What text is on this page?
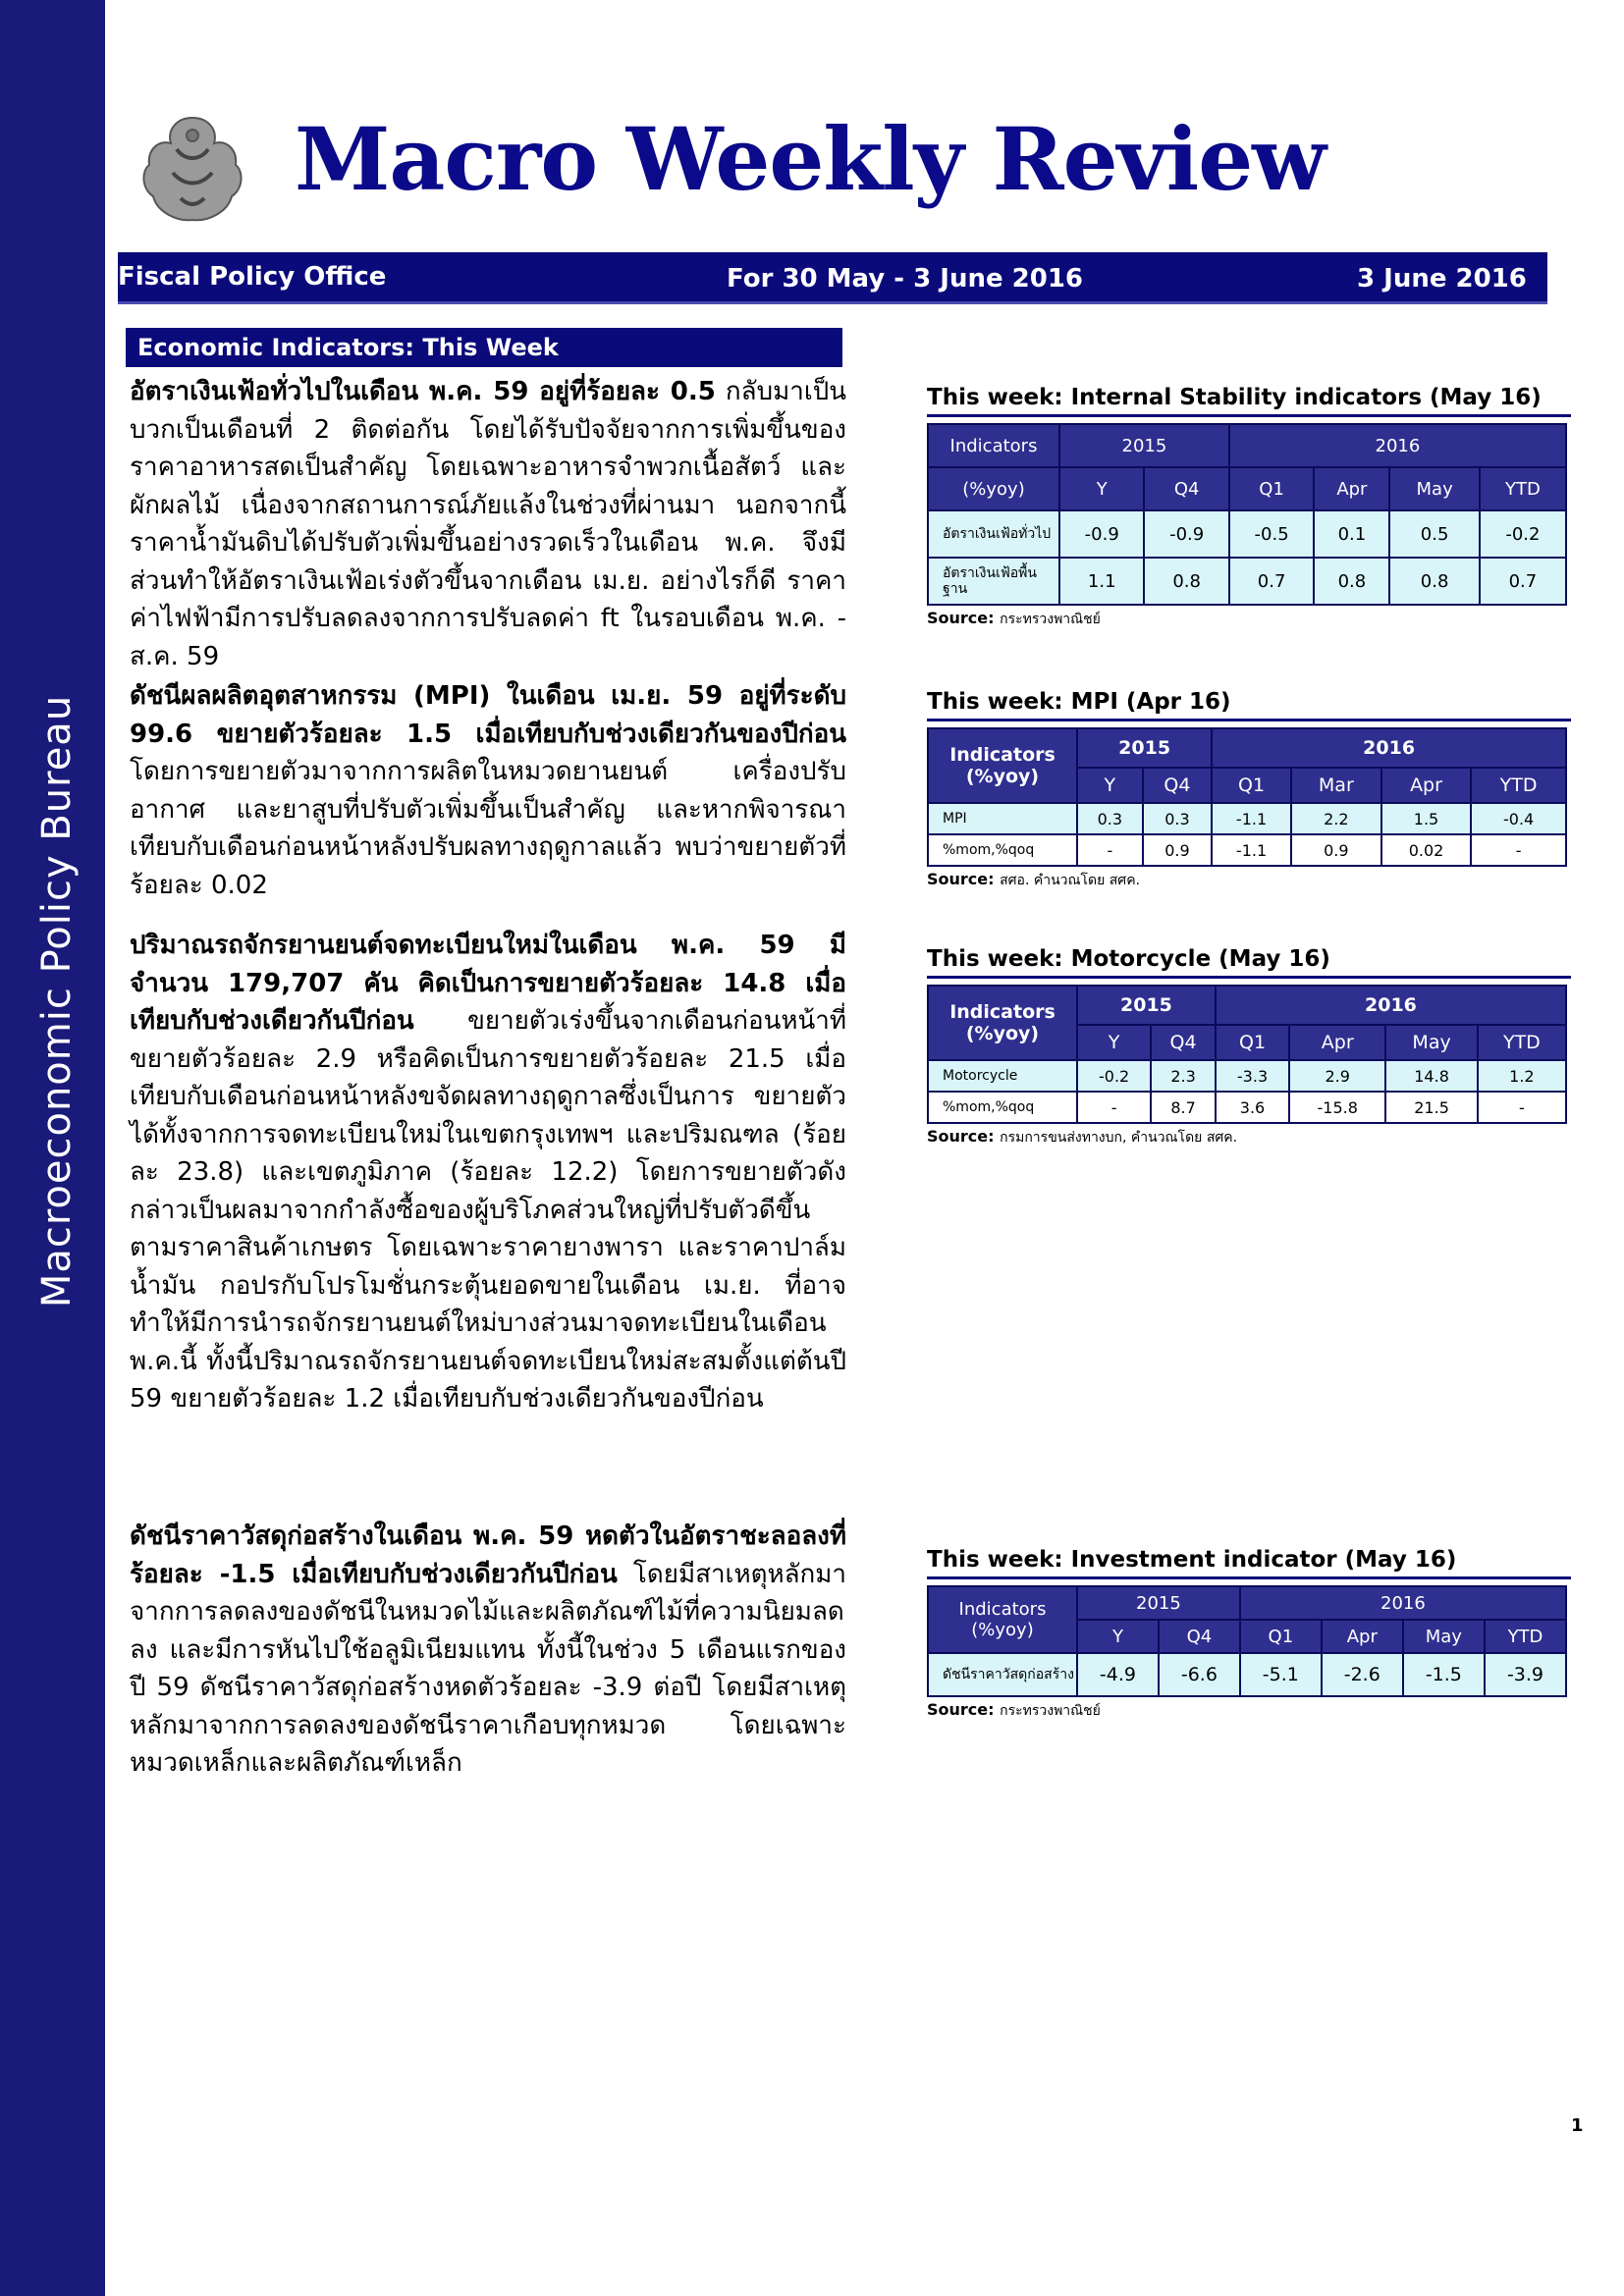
Macroeconomic Policy Bureau
Macro Weekly Review
Fiscal Policy Office	For 30 May - 3 June 2016	3 June 2016
Economic Indicators: This Week

อัตราเงินเฟ้อทั่วไปในเดือน พ.ค. 59 อยู่ที่ร้อยละ 0.5 กลับมาเป็นบวกเป็นเดือนที่ 2 ติดต่อกัน โดยได้รับปัจจัยจากการเพิ่มขึ้นของราคาอาหารสดเป็นสำคัญ โดยเฉพาะอาหารจำพวกเนื้อสัตว์ และผักผลไม้ เนื่องจากสถานการณ์ภัยแล้งในช่วงที่ผ่านมา นอกจากนี้ ราคาน้ำมันดิบได้ปรับตัวเพิ่มขึ้นอย่างรวดเร็วในเดือน พ.ค. จึงมีส่วนทำให้อัตราเงินเฟ้อเร่งตัวขึ้นจากเดือน เม.ย. อย่างไรก็ดี ราคาค่าไฟฟ้ามีการปรับลดลงจากการปรับลดค่า ft ในรอบเดือน พ.ค. - ส.ค. 59

ดัชนีผลผลิตอุตสาหกรรม (MPI) ในเดือน เม.ย. 59 อยู่ที่ระดับ 99.6 ขยายตัวร้อยละ 1.5 เมื่อเทียบกับช่วงเดียวกันของปีก่อน โดยการขยายตัวมาจากการผลิตในหมวดยานยนต์ เครื่องปรับอากาศ และยาสูบที่ปรับตัวเพิ่มขึ้นเป็นสำคัญ และหากพิจารณาเทียบกับเดือนก่อนหน้าหลังปรับผลทางฤดูกาลแล้ว พบว่าขยายตัวที่ร้อยละ 0.02

ปริมาณรถจักรยานยนต์จดทะเบียนใหม่ในเดือน พ.ค. 59 มีจำนวน 179,707 คัน คิดเป็นการขยายตัวร้อยละ 14.8 เมื่อเทียบกับช่วงเดียวกันปีก่อน ขยายตัวเร่งขึ้นจากเดือนก่อนหน้าที่ขยายตัวร้อยละ 2.9 หรือคิดเป็นการขยายตัวร้อยละ 21.5 เมื่อเทียบกับเดือนก่อนหน้าหลังขจัดผลทางฤดูกาลซึ่งเป็นการ ขยายตัวได้ทั้งจากการจดทะเบียนใหม่ในเขตกรุงเทพฯ และปริมณฑล (ร้อยละ 23.8) และเขตภูมิภาค (ร้อยละ 12.2) โดยการขยายตัวดังกล่าวเป็นผลมาจากกำลังซื้อของผู้บริโภคส่วนใหญ่ที่ปรับตัวดีขึ้นตามราคาสินค้าเกษตร โดยเฉพาะราคายางพารา และราคาปาล์มน้ำมัน กอปรกับโปรโมชั่นกระตุ้นยอดขายในเดือน เม.ย. ที่อาจทำให้มีการนำรถจักรยานยนต์ใหม่บางส่วนมาจดทะเบียนในเดือน พ.ค.นี้ ทั้งนี้ปริมาณรถจักรยานยนต์จดทะเบียนใหม่สะสมตั้งแต่ต้นปี 59 ขยายตัวร้อยละ 1.2 เมื่อเทียบกับช่วงเดียวกันของปีก่อน

ดัชนีราคาวัสดุก่อสร้างในเดือน พ.ค. 59 หดตัวในอัตราชะลอลงที่ร้อยละ -1.5 เมื่อเทียบกับช่วงเดียวกันปีก่อน โดยมีสาเหตุหลักมาจากการลดลงของดัชนีในหมวดไม้และผลิตภัณฑ์ไม้ที่ความนิยมลดลง และมีการหันไปใช้อลูมิเนียมแทน ทั้งนี้ในช่วง 5 เดือนแรกของปี 59 ดัชนีราคาวัสดุก่อสร้างหดตัวร้อยละ -3.9 ต่อปี โดยมีสาเหตุหลักมาจากการลดลงของดัชนีราคาเกือบทุกหมวด โดยเฉพาะหมวดเหล็กและผลิตภัณฑ์เหล็ก

This week: Internal Stability indicators (May 16)
Indicators	2015		2016			
(%yoy)	Y	Q4	Q1	Apr	May	YTD
อัตราเงินเฟ้อทั่วไป	-0.9	-0.9	-0.5	0.1	0.5	-0.2
อัตราเงินเฟ้อพื้นฐาน	1.1	0.8	0.7	0.8	0.8	0.7
Source: กระทรวงพาณิชย์
This week: MPI (Apr 16)
Indicators
(%yoy)	2015		2016			
	Y	Q4	Q1	Mar	Apr	YTD
MPI	0.3	0.3	-1.1	2.2	1.5	-0.4
%mom,%qoq	-	0.9	-1.1	0.9	0.02	-
Source: สศอ. คำนวณโดย สศค.
This week: Motorcycle (May 16)
Indicators
(%yoy)	2015		2016			
	Y	Q4	Q1	Apr	May	YTD
Motorcycle	-0.2	2.3	-3.3	2.9	14.8	1.2
%mom,%qoq	-	8.7	3.6	-15.8	21.5	-
Source: กรมการขนส่งทางบก, คำนวณโดย สศค.
This week: Investment indicator (May 16)
Indicators
(%yoy)	2015		2016			
	Y	Q4	Q1	Apr	May	YTD
ดัชนีราคาวัสดุก่อสร้าง	-4.9	-6.6	-5.1	-2.6	-1.5	-3.9
Source: กระทรวงพาณิชย์
1
